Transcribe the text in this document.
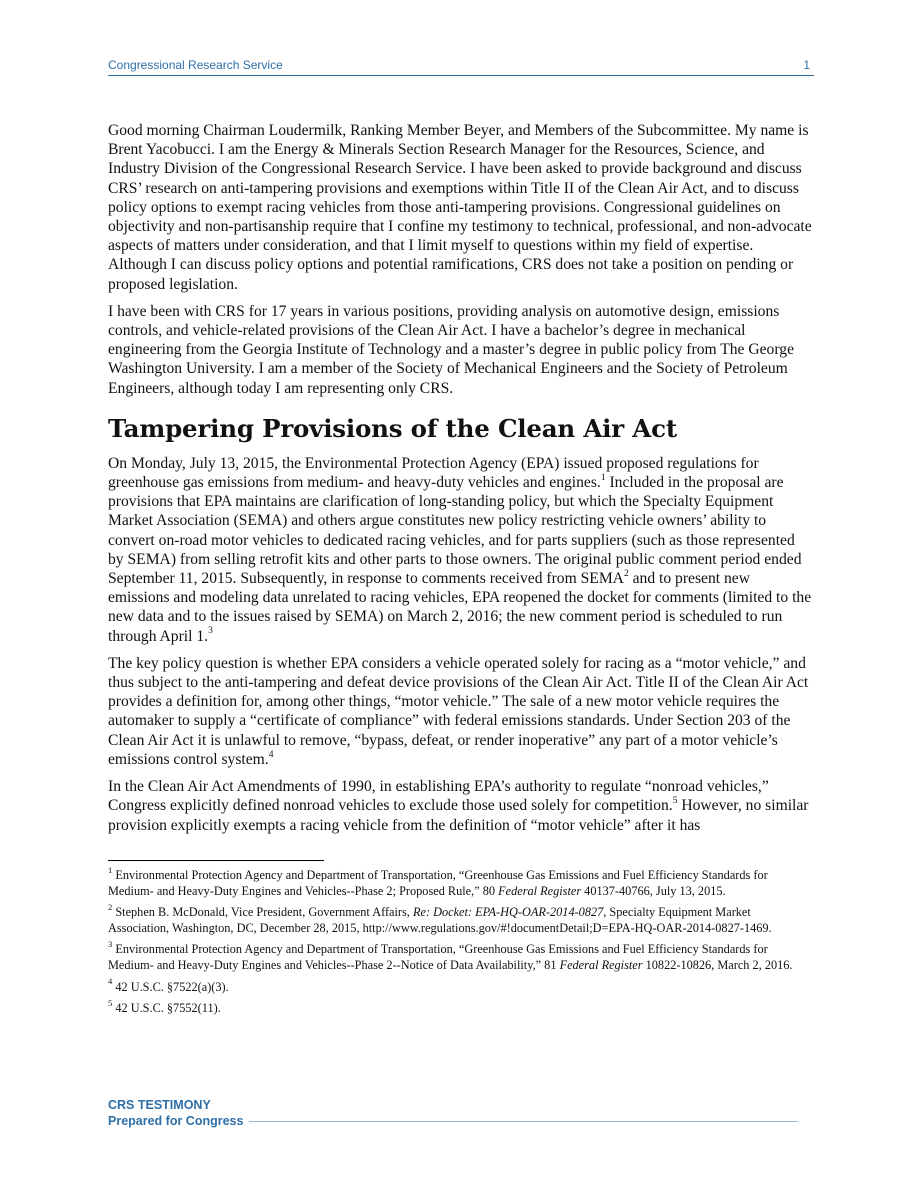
Congressional Research Service	1

Good morning Chairman Loudermilk, Ranking Member Beyer, and Members of the Subcommittee. My name is Brent Yacobucci. I am the Energy & Minerals Section Research Manager for the Resources, Science, and Industry Division of the Congressional Research Service. I have been asked to provide background and discuss CRS’ research on anti-tampering provisions and exemptions within Title II of the Clean Air Act, and to discuss policy options to exempt racing vehicles from those anti-tampering provisions. Congressional guidelines on objectivity and non-partisanship require that I confine my testimony to technical, professional, and non-advocate aspects of matters under consideration, and that I limit myself to questions within my field of expertise. Although I can discuss policy options and potential ramifications, CRS does not take a position on pending or proposed legislation.

I have been with CRS for 17 years in various positions, providing analysis on automotive design, emissions controls, and vehicle-related provisions of the Clean Air Act. I have a bachelor’s degree in mechanical engineering from the Georgia Institute of Technology and a master’s degree in public policy from The George Washington University. I am a member of the Society of Mechanical Engineers and the Society of Petroleum Engineers, although today I am representing only CRS.

Tampering Provisions of the Clean Air Act

On Monday, July 13, 2015, the Environmental Protection Agency (EPA) issued proposed regulations for greenhouse gas emissions from medium- and heavy-duty vehicles and engines.$^1$ Included in the proposal are provisions that EPA maintains are clarification of long-standing policy, but which the Specialty Equipment Market Association (SEMA) and others argue constitutes new policy restricting vehicle owners’ ability to convert on-road motor vehicles to dedicated racing vehicles, and for parts suppliers (such as those represented by SEMA) from selling retrofit kits and other parts to those owners. The original public comment period ended September 11, 2015. Subsequently, in response to comments received from SEMA$^2$ and to present new emissions and modeling data unrelated to racing vehicles, EPA reopened the docket for comments (limited to the new data and to the issues raised by SEMA) on March 2, 2016; the new comment period is scheduled to run through April 1.$^3$

The key policy question is whether EPA considers a vehicle operated solely for racing as a “motor vehicle,” and thus subject to the anti-tampering and defeat device provisions of the Clean Air Act. Title II of the Clean Air Act provides a definition for, among other things, “motor vehicle.” The sale of a new motor vehicle requires the automaker to supply a “certificate of compliance” with federal emissions standards. Under Section 203 of the Clean Air Act it is unlawful to remove, “bypass, defeat, or render inoperative” any part of a motor vehicle’s emissions control system.$^4$

In the Clean Air Act Amendments of 1990, in establishing EPA’s authority to regulate “nonroad vehicles,” Congress explicitly defined nonroad vehicles to exclude those used solely for competition.$^5$ However, no similar provision explicitly exempts a racing vehicle from the definition of “motor vehicle” after it has

$^1$ Environmental Protection Agency and Department of Transportation, “Greenhouse Gas Emissions and Fuel Efficiency Standards for Medium- and Heavy-Duty Engines and Vehicles--Phase 2; Proposed Rule,” 80 Federal Register 40137-40766, July 13, 2015.

$^2$ Stephen B. McDonald, Vice President, Government Affairs, Re: Docket: EPA-HQ-OAR-2014-0827, Specialty Equipment Market Association, Washington, DC, December 28, 2015, http://www.regulations.gov/#!documentDetail;D=EPA-HQ-OAR-2014-0827-1469.

$^3$ Environmental Protection Agency and Department of Transportation, “Greenhouse Gas Emissions and Fuel Efficiency Standards for Medium- and Heavy-Duty Engines and Vehicles--Phase 2--Notice of Data Availability,” 81 Federal Register 10822-10826, March 2, 2016.

$^4$ 42 U.S.C. §7522(a)(3).

$^5$ 42 U.S.C. §7552(11).

CRS TESTIMONY
Prepared for Congress
